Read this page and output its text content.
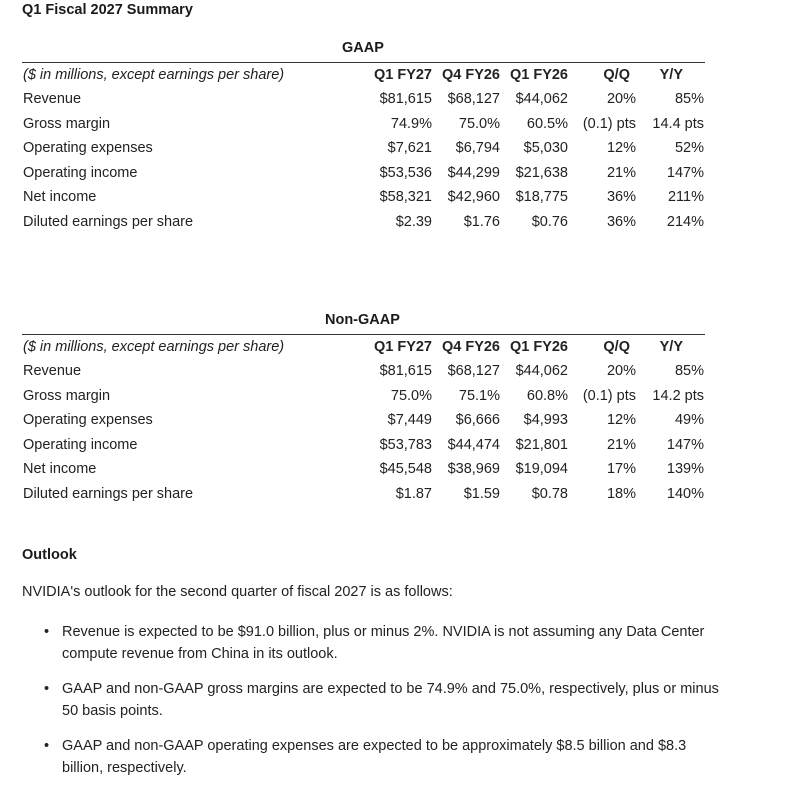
Q1 Fiscal 2027 Summary
GAAP
($ in millions, except earnings per share)	Q1 FY27 Q4 FY26 Q1 FY26 Q/Q Y/Y
Revenue	$81,615 $68,127 $44,062	20%	85%
Gross margin	74.9% 75.0% 60.5% (0.1) pts 14.4 pts
Operating expenses	$7,621 $6,794 $5,030	12%	52%
Operating income	$53,536 $44,299 $21,638	21% 147%
Net income	$58,321 $42,960 $18,775	36% 211%
Diluted earnings per share	$2.39 $1.76 $0.76	36% 214%
Non-GAAP
($ in millions, except earnings per share)	Q1 FY27 Q4 FY26 Q1 FY26 Q/Q Y/Y
Revenue	$81,615 $68,127 $44,062	20%	85%
Gross margin	75.0% 75.1% 60.8% (0.1) pts 14.2 pts
Operating expenses	$7,449 $6,666 $4,993	12%	49%
Operating income	$53,783 $44,474 $21,801	21% 147%
Net income	$45,548 $38,969 $19,094	17% 139%
Diluted earnings per share	$1.87 $1.59 $0.78	18% 140%
Outlook
NVIDIA's outlook for the second quarter of fiscal 2027 is as follows:
• Revenue is expected to be $91.0 billion, plus or minus 2%. NVIDIA is not assuming any Data Center compute revenue from China in its outlook.
• GAAP and non-GAAP gross margins are expected to be 74.9% and 75.0%, respectively, plus or minus 50 basis points.
• GAAP and non-GAAP operating expenses are expected to be approximately $8.5 billion and $8.3 billion, respectively.
